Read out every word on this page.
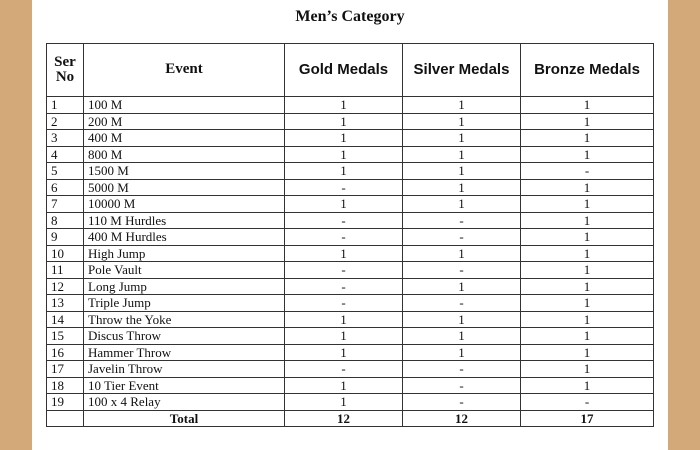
Men’s Category
Ser No	Event	Gold Medals	Silver Medals	Bronze Medals
1	100 M	1	1	1
2	200 M	1	1	1
3	400 M	1	1	1
4	800 M	1	1	1
5	1500 M	1	1	-
6	5000 M	-	1	1
7	10000 M	1	1	1
8	110 M Hurdles	-	-	1
9	400 M Hurdles	-	-	1
10	High Jump	1	1	1
11	Pole Vault	-	-	1
12	Long Jump	-	1	1
13	Triple Jump	-	-	1
14	Throw the Yoke	1	1	1
15	Discus Throw	1	1	1
16	Hammer Throw	1	1	1
17	Javelin Throw	-	-	1
18	10 Tier Event	1	-	1
19	100 x 4 Relay	1	-	-
	Total	12	12	17
